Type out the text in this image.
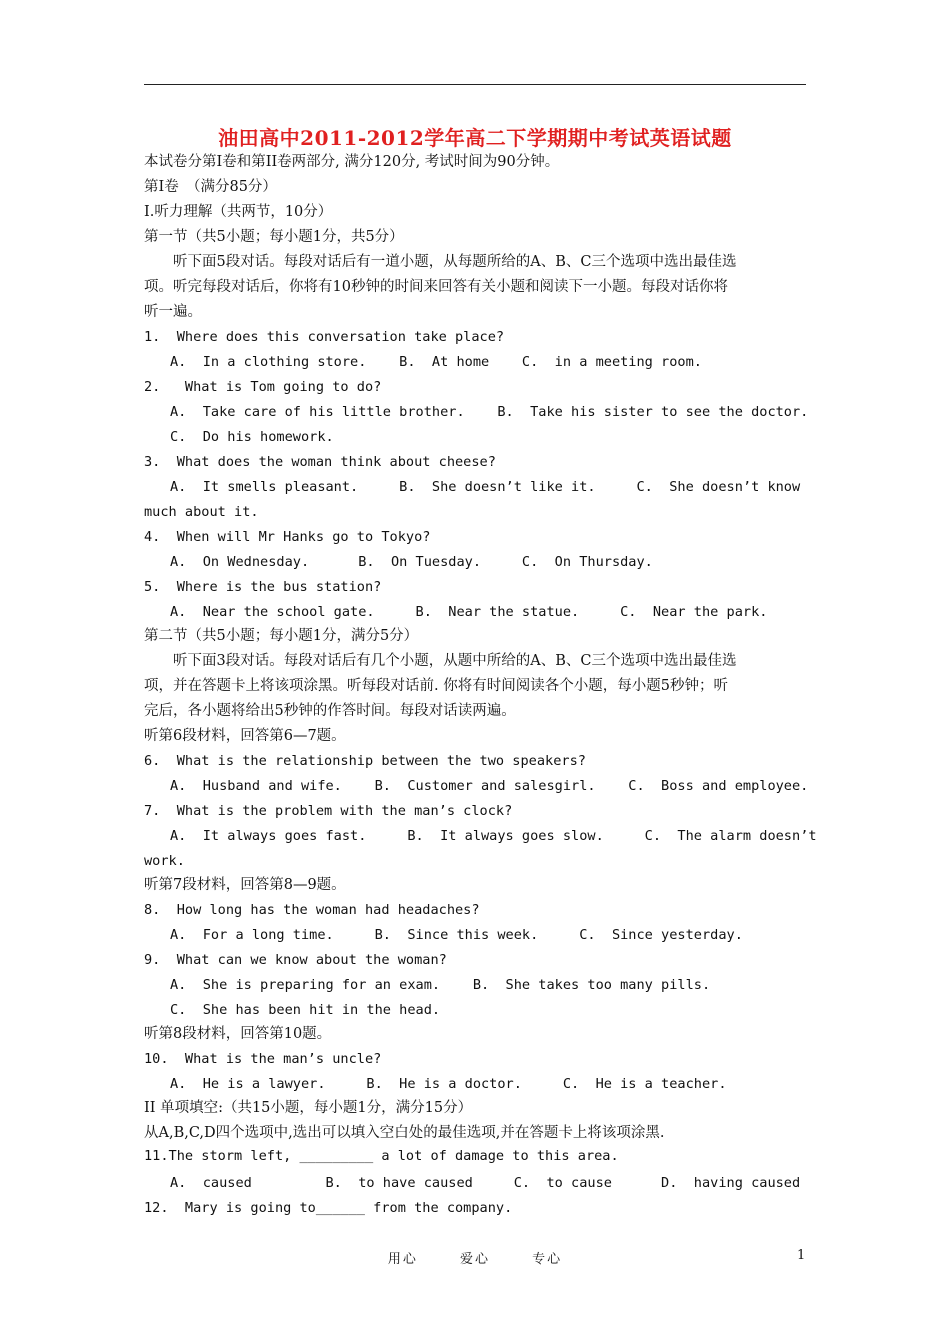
油田高中2011-2012学年高二下学期期中考试英语试题
本试卷分第I卷和第II卷两部分, 满分120分, 考试时间为90分钟。
第I卷　（满分85分）
I.听力理解（共两节，10分）
第一节（共5小题；每小题1分，共5分）
　　听下面5段对话。每段对话后有一道小题，从每题所给的A、B、C三个选项中选出最佳选
项。听完每段对话后，你将有10秒钟的时间来回答有关小题和阅读下一小题。每段对话你将
听一遍。
1.  Where does this conversation take place?
A.  In a clothing store.    B.  At home    C.  in a meeting room.
2.   What is Tom going to do?
A.  Take care of his little brother.    B.  Take his sister to see the doctor.
C.  Do his homework.
3.  What does the woman think about cheese?
A.  It smells pleasant.     B.  She doesn’t like it.     C.  She doesn’t know
much about it.
4.  When will Mr Hanks go to Tokyo?
A.  On Wednesday.      B.  On Tuesday.     C.  On Thursday.
5.  Where is the bus station?
A.  Near the school gate.     B.  Near the statue.     C.  Near the park.
第二节（共5小题；每小题1分，满分5分）
　　听下面3段对话。每段对话后有几个小题，从题中所给的A、B、C三个选项中选出最佳选
项，并在答题卡上将该项涂黑。听每段对话前. 你将有时间阅读各个小题，每小题5秒钟；听
完后，各小题将给出5秒钟的作答时间。每段对话读两遍。
听第6段材料，回答第6—7题。
6.  What is the relationship between the two speakers?
A.  Husband and wife.    B.  Customer and salesgirl.    C.  Boss and employee.
7.  What is the problem with the man’s clock?
A.  It always goes fast.     B.  It always goes slow.     C.  The alarm doesn’t
work.
听第7段材料，回答第8—9题。
8.  How long has the woman had headaches?
A.  For a long time.     B.  Since this week.     C.  Since yesterday.
9.  What can we know about the woman?
A.  She is preparing for an exam.    B.  She takes too many pills.
C.  She has been hit in the head.
听第8段材料，回答第10题。
10.  What is the man’s uncle?
A.  He is a lawyer.     B.  He is a doctor.     C.  He is a teacher.
II 单项填空:（共15小题，每小题1分，满分15分）
从A,B,C,D四个选项中,选出可以填入空白处的最佳选项,并在答题卡上将该项涂黑.
11.The storm left, _________ a lot of damage to this area.
A.  caused         B.  to have caused     C.  to cause      D.  having caused
12.  Mary is going to______ from the company.
用心	爱心	专心	1
